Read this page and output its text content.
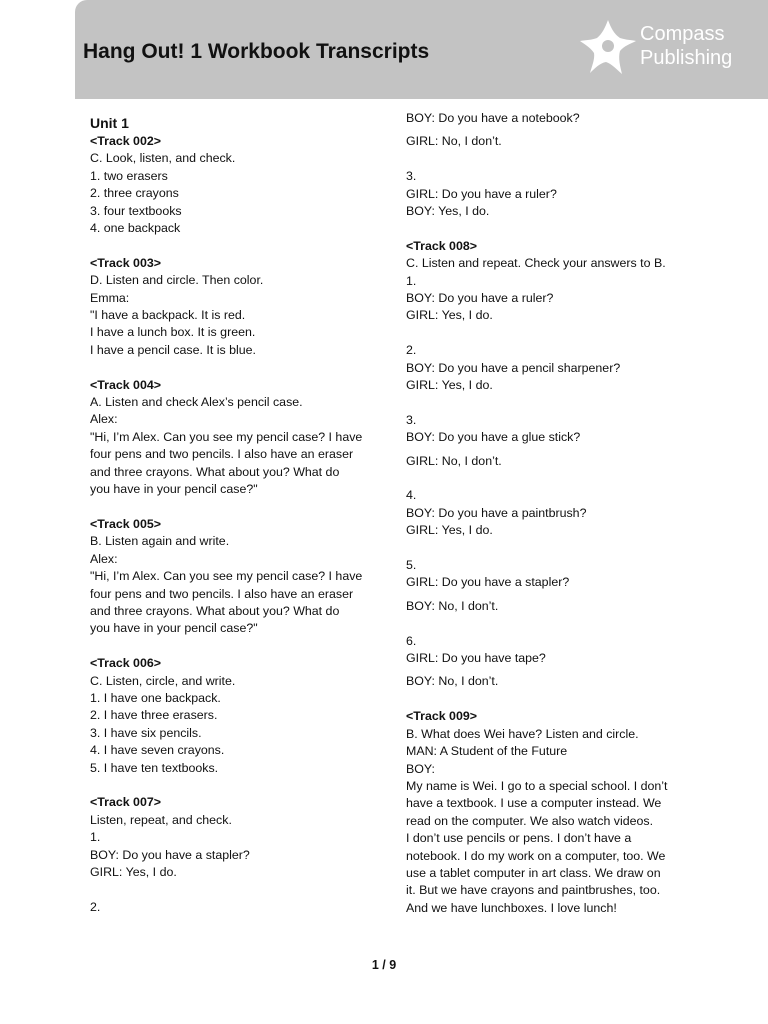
Hang Out! 1 Workbook Transcripts
Compass
Publishing
Unit 1
<Track 002>
C. Look, listen, and check.
1. two erasers
2. three crayons
3. four textbooks
4. one backpack
<Track 003>
D. Listen and circle. Then color.
Emma:
"I have a backpack. It is red.
I have a lunch box. It is green.
I have a pencil case. It is blue.
<Track 004>
A. Listen and check Alex’s pencil case.
Alex:
"Hi, I’m Alex. Can you see my pencil case? I have
four pens and two pencils. I also have an eraser
and three crayons. What about you? What do
you have in your pencil case?"
<Track 005>
B. Listen again and write.
Alex:
"Hi, I’m Alex. Can you see my pencil case? I have
four pens and two pencils. I also have an eraser
and three crayons. What about you? What do
you have in your pencil case?"
<Track 006>
C. Listen, circle, and write.
1. I have one backpack.
2. I have three erasers.
3. I have six pencils.
4. I have seven crayons.
5. I have ten textbooks.
<Track 007>
Listen, repeat, and check.
1.
BOY: Do you have a stapler?
GIRL: Yes, I do.
2.
BOY: Do you have a notebook?
GIRL: No, I don’t.
3.
GIRL: Do you have a ruler?
BOY: Yes, I do.
<Track 008>
C. Listen and repeat. Check your answers to B.
1.
BOY: Do you have a ruler?
GIRL: Yes, I do.
2.
BOY: Do you have a pencil sharpener?
GIRL: Yes, I do.
3.
BOY: Do you have a glue stick?
GIRL: No, I don’t.
4.
BOY: Do you have a paintbrush?
GIRL: Yes, I do.
5.
GIRL: Do you have a stapler?
BOY: No, I don’t.
6.
GIRL: Do you have tape?
BOY: No, I don’t.
<Track 009>
B. What does Wei have? Listen and circle.
MAN: A Student of the Future
BOY:
My name is Wei. I go to a special school. I don’t
have a textbook. I use a computer instead. We
read on the computer. We also watch videos.
I don’t use pencils or pens. I don’t have a
notebook. I do my work on a computer, too. We
use a tablet computer in art class. We draw on
it. But we have crayons and paintbrushes, too.
And we have lunchboxes. I love lunch!
1 / 9
